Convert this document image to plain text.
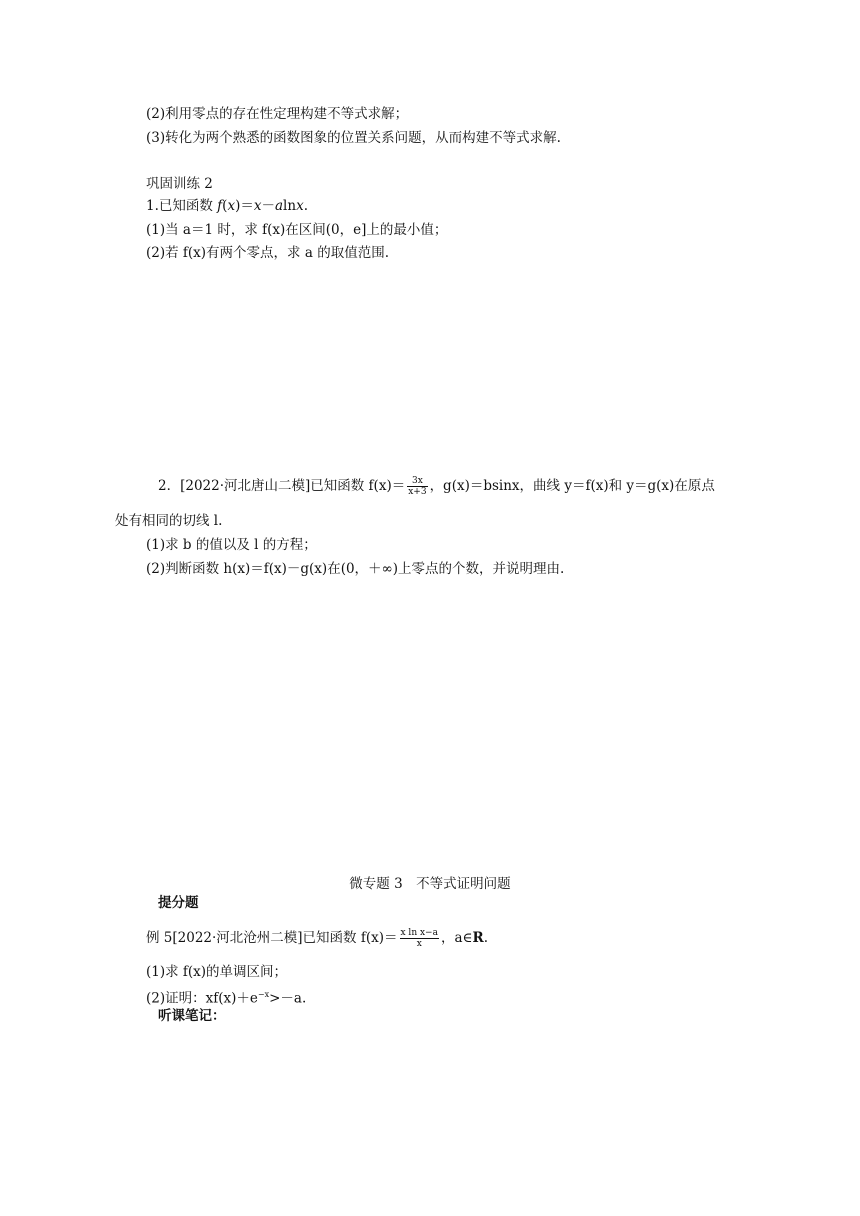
(2)利用零点的存在性定理构建不等式求解；
(3)转化为两个熟悉的函数图象的位置关系问题，从而构建不等式求解.
巩固训练 2
1.已知函数 f(x)＝x－alnx.
(1)当 a＝1 时，求 f(x)在区间(0，e]上的最小值；
(2)若 f(x)有两个零点，求 a 的取值范围.
2．[2022·河北唐山二模]已知函数 $f(x)= \frac{3x}{x+3}$ ，g(x)＝bsinx，曲线 y＝f(x)和 y＝g(x)在原点
处有相同的切线 l.
(1)求 b 的值以及 l 的方程；
(2)判断函数 h(x)＝f(x)－g(x)在(0，＋∞)上零点的个数，并说明理由.
微专题 3　不等式证明问题
提分题
例 5[2022·河北沧州二模]已知函数 $f(x)= \frac{\text{x ln x−a}}{x}$ ，a∈R.
(1)求 f(x)的单调区间；
(2)证明：$xf(x)+e^{-x}>-a$.
听课笔记：
